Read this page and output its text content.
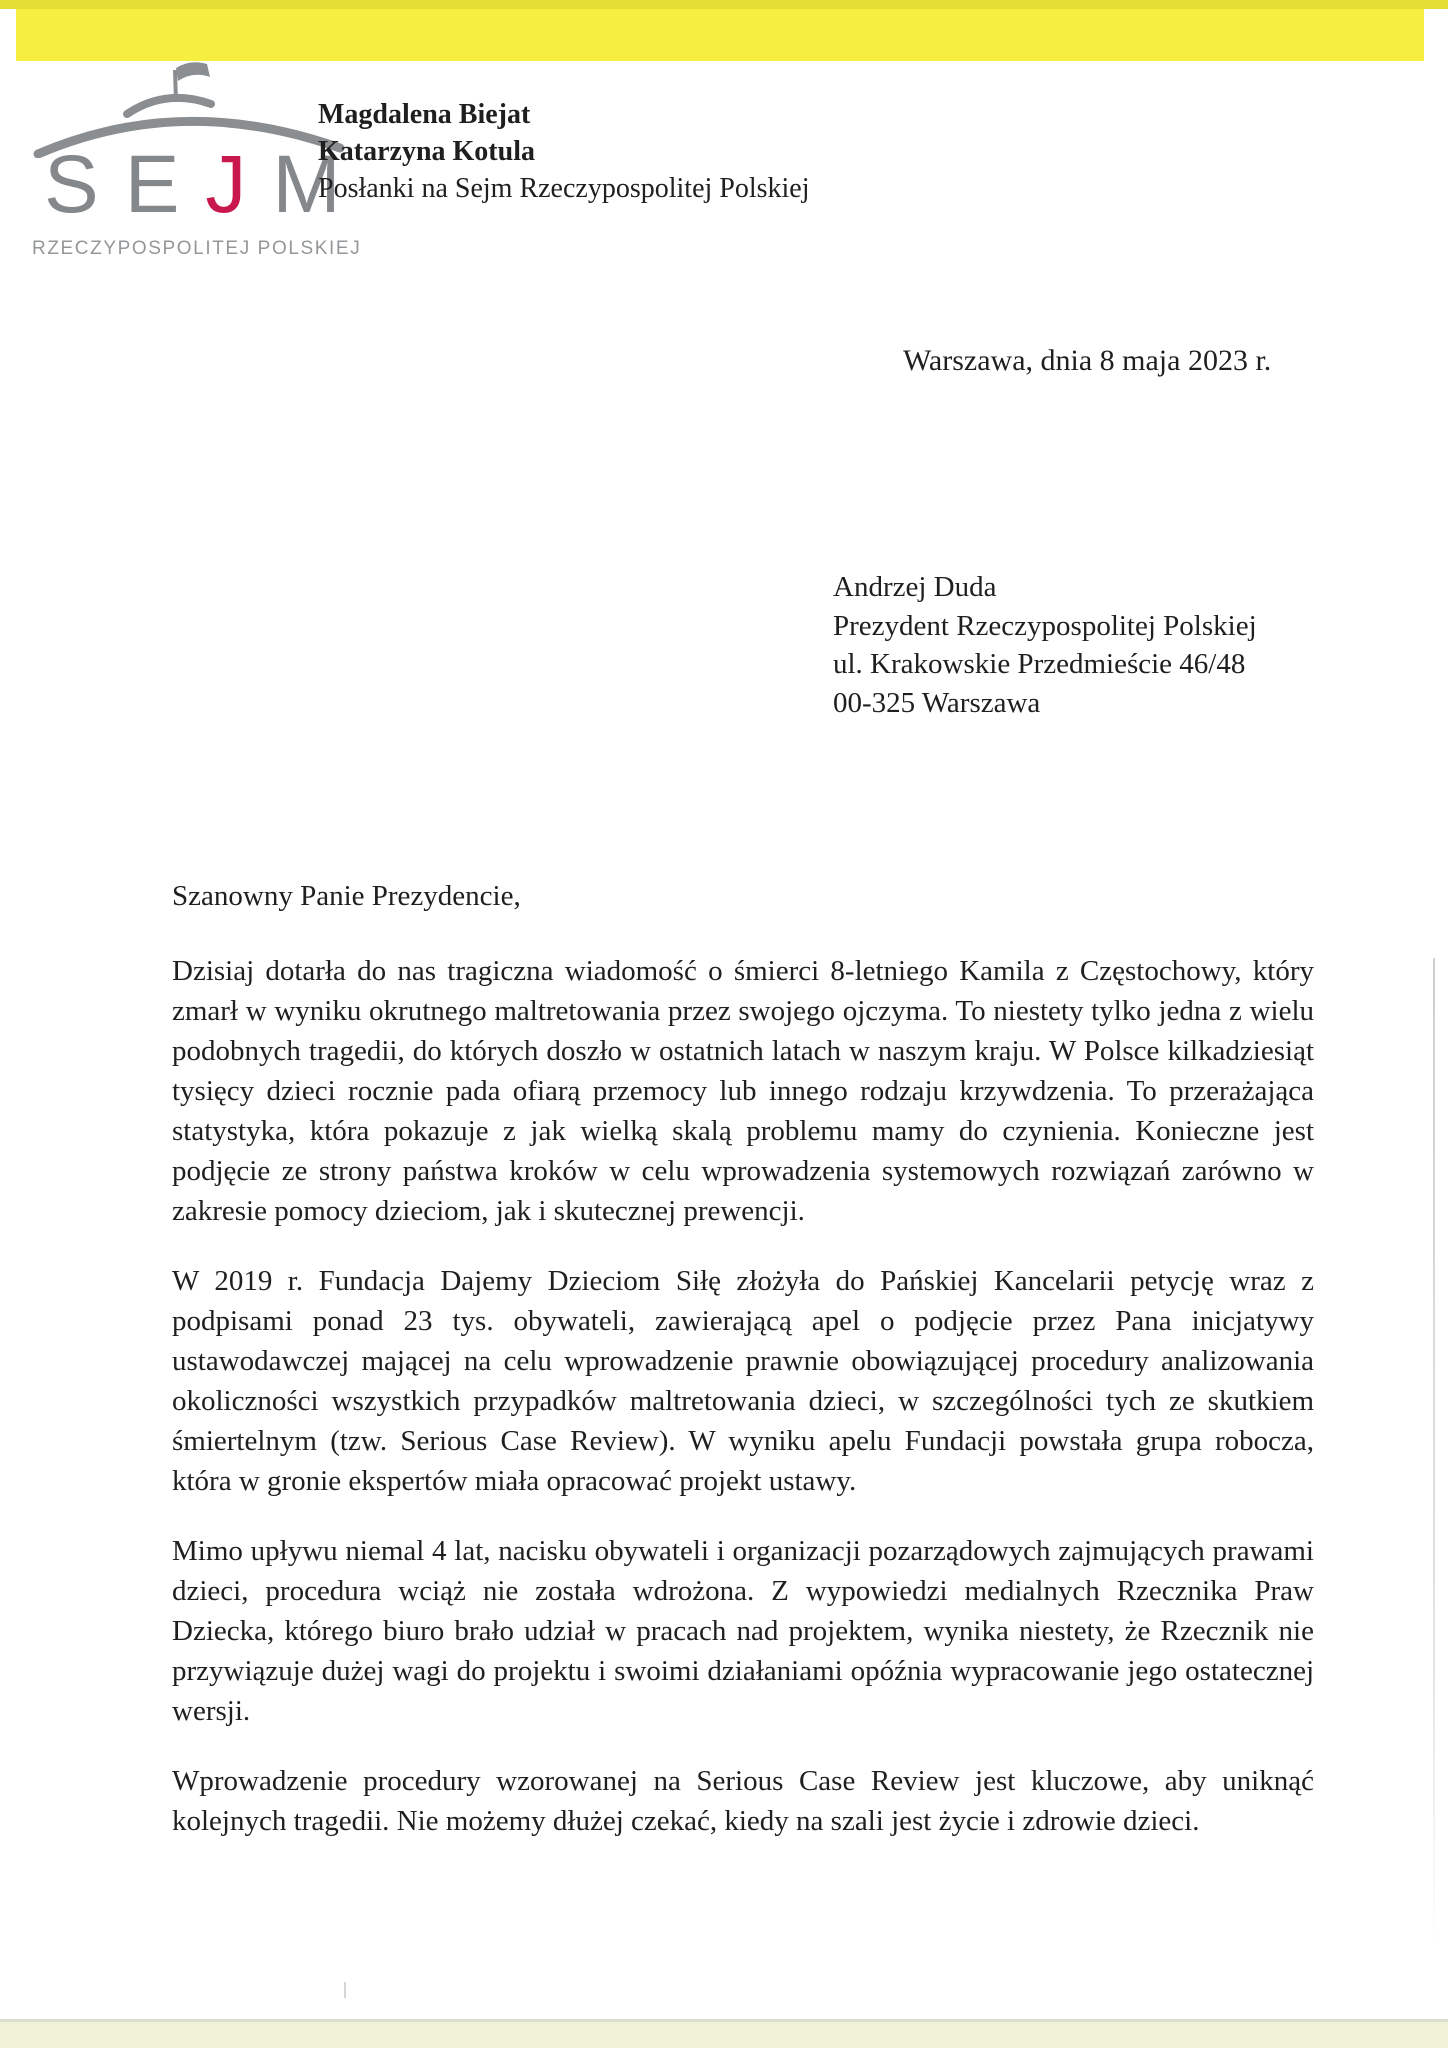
S E J M
RZECZYPOSPOLITEJ POLSKIEJ
Magdalena Biejat
Katarzyna Kotula
Posłanki na Sejm Rzeczypospolitej Polskiej
Warszawa, dnia 8 maja 2023 r.
Andrzej Duda
Prezydent Rzeczypospolitej Polskiej
ul. Krakowskie Przedmieście 46/48
00-325 Warszawa
Szanowny Panie Prezydencie,

Dzisiaj dotarła do nas tragiczna wiadomość o śmierci 8-letniego Kamila z Częstochowy, który zmarł w wyniku okrutnego maltretowania przez swojego ojczyma. To niestety tylko jedna z wielu podobnych tragedii, do których doszło w ostatnich latach w naszym kraju. W Polsce kilkadziesiąt tysięcy dzieci rocznie pada ofiarą przemocy lub innego rodzaju krzywdzenia. To przerażająca statystyka, która pokazuje z jak wielką skalą problemu mamy do czynienia. Konieczne jest podjęcie ze strony państwa kroków w celu wprowadzenia systemowych rozwiązań zarówno w zakresie pomocy dzieciom, jak i skutecznej prewencji.

W 2019 r. Fundacja Dajemy Dzieciom Siłę złożyła do Pańskiej Kancelarii petycję wraz z podpisami ponad 23 tys. obywateli, zawierającą apel o podjęcie przez Pana inicjatywy ustawodawczej mającej na celu wprowadzenie prawnie obowiązującej procedury analizowania okoliczności wszystkich przypadków maltretowania dzieci, w szczególności tych ze skutkiem śmiertelnym (tzw. Serious Case Review). W wyniku apelu Fundacji powstała grupa robocza, która w gronie ekspertów miała opracować projekt ustawy.

Mimo upływu niemal 4 lat, nacisku obywateli i organizacji pozarządowych zajmujących prawami dzieci, procedura wciąż nie została wdrożona. Z wypowiedzi medialnych Rzecznika Praw Dziecka, którego biuro brało udział w pracach nad projektem, wynika niestety, że Rzecznik nie przywiązuje dużej wagi do projektu i swoimi działaniami opóźnia wypracowanie jego ostatecznej wersji.

Wprowadzenie procedury wzorowanej na Serious Case Review jest kluczowe, aby uniknąć kolejnych tragedii. Nie możemy dłużej czekać, kiedy na szali jest życie i zdrowie dzieci.
